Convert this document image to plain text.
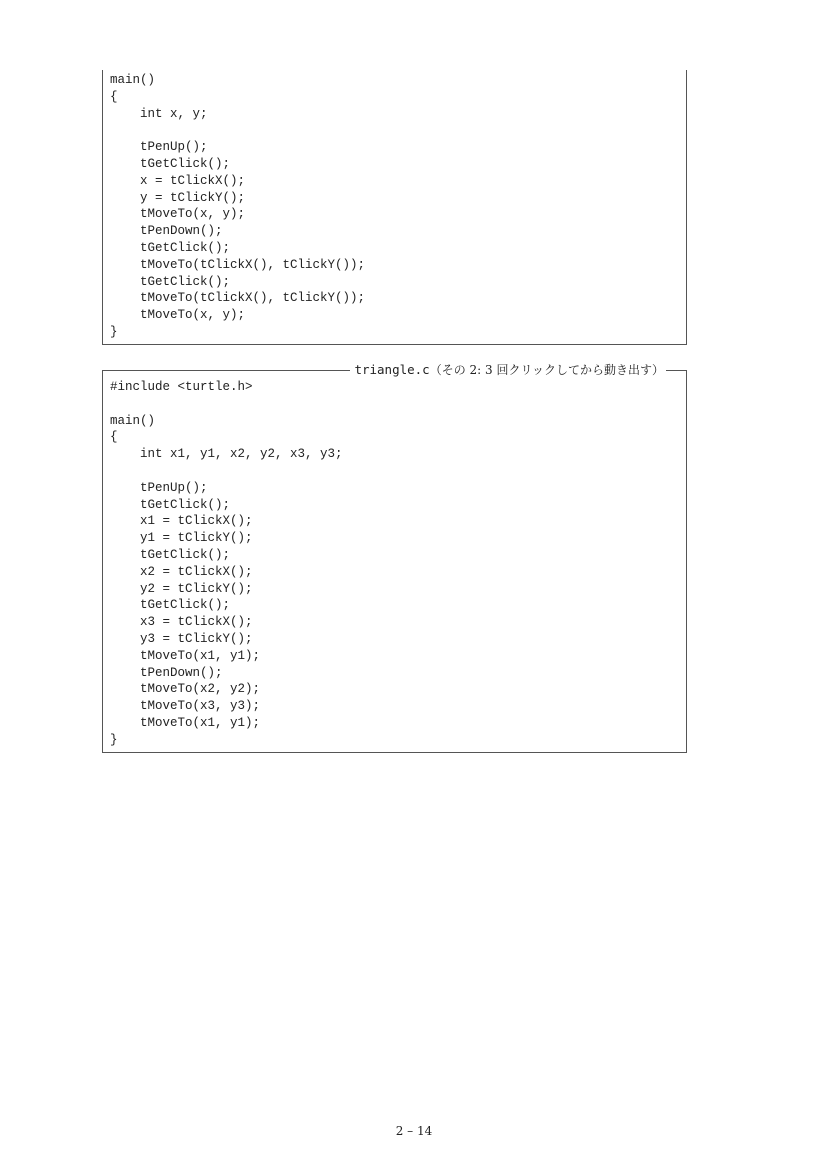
main()
{
int x, y;
tPenUp();
tGetClick();
x = tClickX();
y = tClickY();
tMoveTo(x, y);
tPenDown();
tGetClick();
tMoveTo(tClickX(), tClickY());
tGetClick();
tMoveTo(tClickX(), tClickY());
tMoveTo(x, y);
}
triangle.c（その 2: 3 回クリックしてから動き出す）
#include <turtle.h>
main()
{
int x1, y1, x2, y2, x3, y3;
tPenUp();
tGetClick();
x1 = tClickX();
y1 = tClickY();
tGetClick();
x2 = tClickX();
y2 = tClickY();
tGetClick();
x3 = tClickX();
y3 = tClickY();
tMoveTo(x1, y1);
tPenDown();
tMoveTo(x2, y2);
tMoveTo(x3, y3);
tMoveTo(x1, y1);
}
2 – 14
